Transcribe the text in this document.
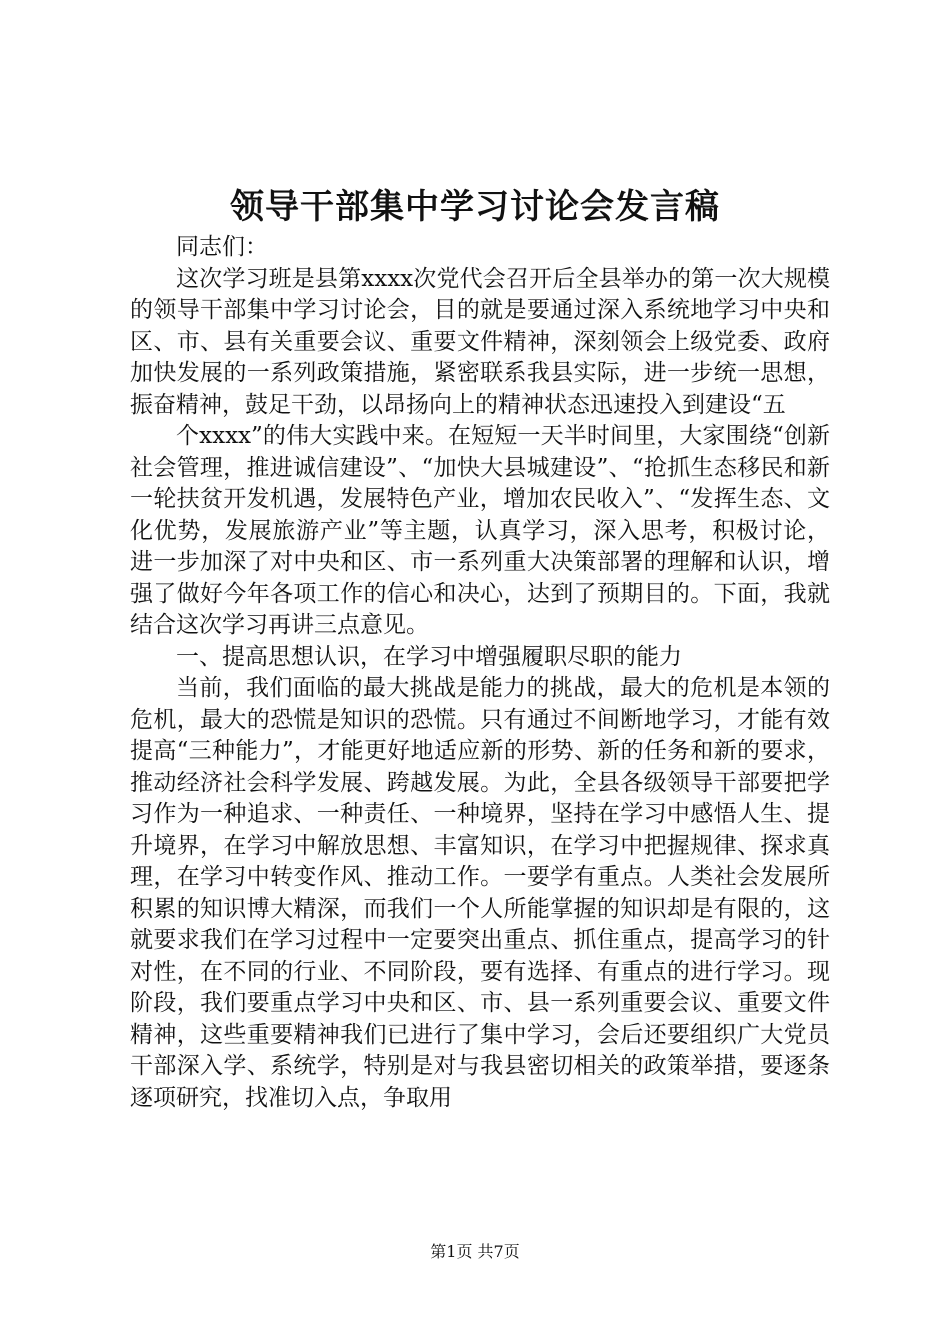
领导干部集中学习讨论会发言稿

同志们：

这次学习班是县第xxxx次党代会召开后全县举办的第一次大规模的领导干部集中学习讨论会，目的就是要通过深入系统地学习中央和区、市、县有关重要会议、重要文件精神，深刻领会上级党委、政府加快发展的一系列政策措施，紧密联系我县实际，进一步统一思想，振奋精神，鼓足干劲，以昂扬向上的精神状态迅速投入到建设“五

个xxxx”的伟大实践中来。在短短一天半时间里，大家围绕“创新社会管理，推进诚信建设”、“加快大县城建设”、“抢抓生态移民和新一轮扶贫开发机遇，发展特色产业，增加农民收入”、“发挥生态、文化优势，发展旅游产业”等主题，认真学习，深入思考，积极讨论，进一步加深了对中央和区、市一系列重大决策部署的理解和认识，增强了做好今年各项工作的信心和决心，达到了预期目的。下面，我就结合这次学习再讲三点意见。

一、提高思想认识，在学习中增强履职尽职的能力

当前，我们面临的最大挑战是能力的挑战，最大的危机是本领的危机，最大的恐慌是知识的恐慌。只有通过不间断地学习，才能有效提高“三种能力”，才能更好地适应新的形势、新的任务和新的要求，推动经济社会科学发展、跨越发展。为此，全县各级领导干部要把学习作为一种追求、一种责任、一种境界，坚持在学习中感悟人生、提升境界，在学习中解放思想、丰富知识，在学习中把握规律、探求真理，在学习中转变作风、推动工作。一要学有重点。人类社会发展所积累的知识博大精深，而我们一个人所能掌握的知识却是有限的，这就要求我们在学习过程中一定要突出重点、抓住重点，提高学习的针对性，在不同的行业、不同阶段，要有选择、有重点的进行学习。现阶段，我们要重点学习中央和区、市、县一系列重要会议、重要文件精神，这些重要精神我们已进行了集中学习，会后还要组织广大党员干部深入学、系统学，特别是对与我县密切相关的政策举措，要逐条逐项研究，找准切入点，争取用

第1页 共7页
